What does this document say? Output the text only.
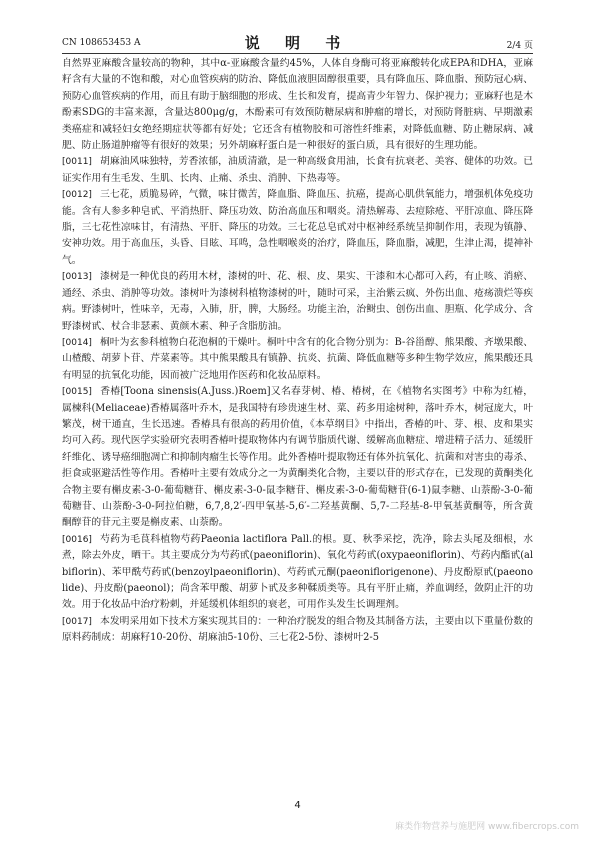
CN 108653453 A	说 明 书	2/4 页

自然界亚麻酸含量较高的物种，其中α-亚麻酸含量约45%，人体自身酶可将亚麻酸转化成EPA和DHA，亚麻籽含有大量的不饱和酸，对心血管疾病的防治、降低血液胆固醇很重要，具有降血压、降血脂、预防冠心病、预防心血管疾病的作用，而且有助于脑细胞的形成、生长和发育，提高青少年智力、保护视力；亚麻籽也是木酚素SDG的丰富来源，含量达800μg/g，木酚素可有效预防糖尿病和肿瘤的增长，对预防肾脏病、早期激素类癌症和减轻妇女绝经期症状等都有好处；它还含有植物胶和可溶性纤维素，对降低血糖、防止糖尿病、减肥、防止肠道肿瘤等有很好的效果；另外胡麻籽蛋白是一种很好的蛋白质，具有很好的生理功能。

[0011] 胡麻油风味独特，芳香浓郁，油质清澈，是一种高级食用油，长食有抗衰老、美容、健体的功效。已证实作用有生毛发、生肌、长肉、止痛、杀虫、消肿、下热毒等。

[0012] 三七花，质脆易碎，气微，味甘微苦，降血脂、降血压、抗癌，提高心肌供氧能力，增强机体免疫功能。含有人参多种皂甙、平消热肝、降压功效、防治高血压和咽炎。清热解毒、去痘除疮、平肝凉血、降压降脂，三七花性凉味甘，有清热、平肝、降压的功效。三七花总皂甙对中枢神经系统呈抑制作用，表现为镇静、安神功效。用于高血压，头昏、目眩、耳鸣，急性咽喉炎的治疗，降血压，降血脂，减肥，生津止渴，提神补气。

[0013] 漆树是一种优良的药用木材，漆树的叶、花、根、皮、果实、干漆和木心都可入药，有止咳、消瘀、通经、杀虫、消肿等功效。漆树叶为漆树科植物漆树的叶，随时可采，主治紫云疯、外伤出血、疮疡溃烂等疾病。野漆树叶，性味辛，无毒，入肺，肝，脾，大肠经。功能主治，治鲥虫、创伤出血、胆瓶、化学成分、含野漆树甙、杖合非瑟素、黄颜木素、种子含脂肪油。

[0014] 桐叶为玄参科植物白花泡桐的干燥叶。桐叶中含有的化合物分别为：B-谷甾醇、熊果酸、齐墩果酸、山楂酸、胡萝卜苷、芹菜素等。其中熊果酸具有镇静、抗炎、抗菌、降低血糖等多种生物学效应，熊果酸还具有明显的抗氧化功能，因而被广泛地用作医药和化妆品原料。

[0015] 香椿[Toona sinensis(A.Juss.)Roem]又名春芽树、椿、椿树，在《植物名实图考》中称为红椿，属楝科(Meliaceae)香椿属落叶乔木，是我国特有珍贵速生材、菜、药多用途树种，落叶乔木，树冠庞大，叶繁茂，树干通直，生长迅速。香椿具有很高的药用价值，《本草纲目》中指出，香椿的叶、芽、根、皮和果实均可入药。现代医学实验研究表明香椿叶提取物体内有调节脂质代谢、缓解高血糖症、增进精子活力、延缓肝纤维化、诱导癌细胞凋亡和抑制肉瘤生长等作用。此外香椿叶提取物还有体外抗氧化、抗菌和对害虫的毒杀、拒食或驱避活性等作用。香椿叶主要有效成分之一为黄酮类化合物，主要以苷的形式存在，已发现的黄酮类化合物主要有槲皮素-3-0-葡萄糖苷、槲皮素-3-0-鼠李糖苷、槲皮素-3-0-葡萄糖苷(6-1)鼠李糖、山萘酚-3-0-葡萄糖苷、山萘酚-3-0-阿拉伯糖，6,7,8,2′-四甲氧基-5,6′-二羟基黄酮、5,7-二羟基-8-甲氧基黄酮等，所含黄酮醇苷的苷元主要是槲皮素、山萘酚。

[0016] 芍药为毛茛科植物芍药Paeonia lactiflora Pall.的根。夏、秋季采挖，洗净，除去头尾及细根，水煮，除去外皮，晒干。其主要成分为芍药甙(paeoniflorin)、氧化芍药甙(oxypaeoniflorin)、芍药内酯甙(albiflorin)、苯甲酰芍药甙(benzoylpaeoniflorin)、芍药甙元酮(paeoniflorigenone)、丹皮酚原甙(paeonolide)、丹皮酚(paeonol)；尚含苯甲酸、胡萝卜甙及多种鞣质类等。具有平肝止痛，养血调经，敛阴止汗的功效。用于化妆品中治疗粉刺，并延缓机体组织的衰老，可用作头发生长调理剂。

[0017] 本发明采用如下技术方案实现其目的：一种治疗脱发的组合物及其制备方法，主要由以下重量份数的原料药制成：胡麻籽10-20份、胡麻油5-10份、三七花2-5份、漆树叶2-5

4
麻类作物营养与施肥网 www.fibercrops.com
